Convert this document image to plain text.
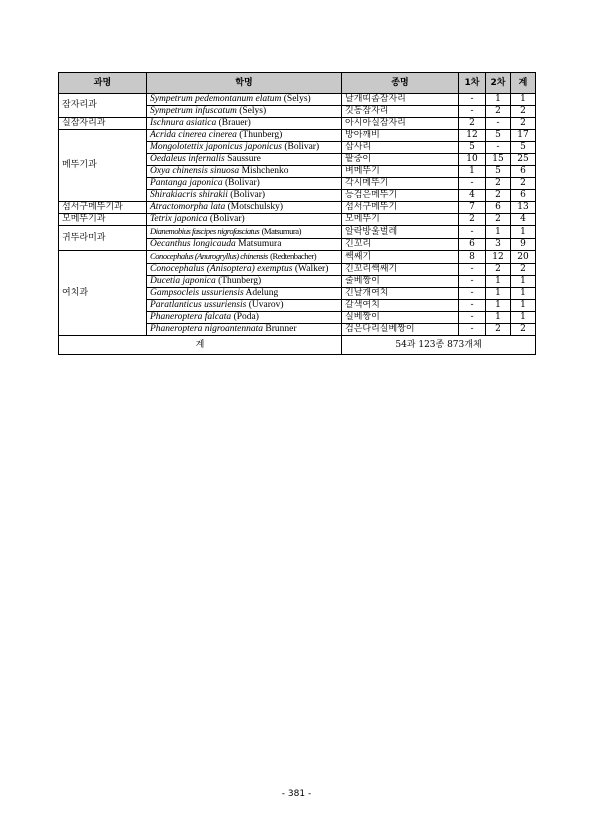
과명	학명	종명	1차	2차	계
잠자리과	Sympetrum pedemontanum elatum (Selys)	날개띠좀잠자리	-	1	1
	Sympetrum infuscatum (Selys)	깃동잠자리	-	2	2
실잠자리과	Ischnura asiatica (Brauer)	아시아실잠자리	2	-	2
메뚜기과	Acrida cinerea cinerea (Thunberg)	방아깨비	12	5	17
	Mongolotettix japonicus japonicus (Bolivar)	삽사리	5	-	5
	Oedaleus infernalis Saussure	팥중이	10	15	25
	Oxya chinensis sinuosa Mishchenko	벼메뚜기	1	5	6
	Pantanga japonica (Bolivar)	각시메뚜기	-	2	2
	Shirakiacris shirakii (Bolivar)	등검은메뚜기	4	2	6
섬서구메뚜기과	Atractomorpha lata (Motschulsky)	섬서구메뚜기	7	6	13
모메뚜기과	Tetrix japonica (Bolivar)	모메뚜기	2	2	4
귀뚜라미과	Dianemobius fascipes nigrofasciatus (Matsumura)	알락방울벌레	-	1	1
	Oecanthus longicauda Matsumura	긴꼬리	6	3	9
여치과	Conocephalus (Anurogryllus) chinensis (Redtenbacher)	쌕쌔기	8	12	20
	Conocephalus (Anisoptera) exemptus (Walker)	긴꼬리쌕쌔기	-	2	2
	Ducetia japonica (Thunberg)	줄베짱이	-	1	1
	Gampsocleis ussuriensis Adelung	긴날개여치	-	1	1
	Paratlanticus ussuriensis (Uvarov)	갈색여치	-	1	1
	Phaneroptera falcata (Poda)	실베짱이	-	1	1
	Phaneroptera nigroantennata Brunner	검은다리실베짱이	-	2	2
계		54과 123종 873개체			
- 381 -
